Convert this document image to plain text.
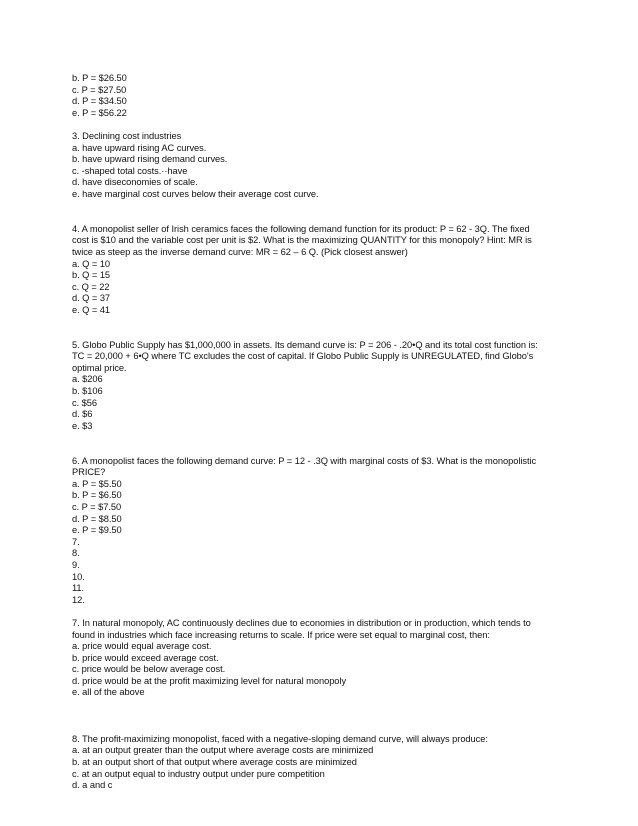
b. P = $26.50
c. P = $27.50
d. P = $34.50
e. P = $56.22
3. Declining cost industries
a. have upward rising AC curves.
b. have upward rising demand curves.
c. -shaped total costs.··have
d. have diseconomies of scale.
e. have marginal cost curves below their average cost curve.
4. A monopolist seller of Irish ceramics faces the following demand function for its product: P = 62 - 3Q. The fixed
cost is $10 and the variable cost per unit is $2. What is the maximizing QUANTITY for this monopoly? Hint: MR is
twice as steep as the inverse demand curve: MR = 62 – 6 Q. (Pick closest answer)
a. Q = 10
b. Q = 15
c. Q = 22
d. Q = 37
e. Q = 41
5. Globo Public Supply has $1,000,000 in assets. Its demand curve is: P = 206 - .20•Q and its total cost function is:
TC = 20,000 + 6•Q where TC excludes the cost of capital. If Globo Public Supply is UNREGULATED, find Globo's
optimal price.
a. $206
b. $106
c. $56
d. $6
e. $3
6. A monopolist faces the following demand curve: P = 12 - .3Q with marginal costs of $3. What is the monopolistic
PRICE?
a. P = $5.50
b. P = $6.50
c. P = $7.50
d. P = $8.50
e. P = $9.50
7.
8.
9.
10.
11.
12.
7. In natural monopoly, AC continuously declines due to economies in distribution or in production, which tends to
found in industries which face increasing returns to scale. If price were set equal to marginal cost, then:
a. price would equal average cost.
b. price would exceed average cost.
c. price would be below average cost.
d. price would be at the profit maximizing level for natural monopoly
e. all of the above
8. The profit-maximizing monopolist, faced with a negative-sloping demand curve, will always produce:
a. at an output greater than the output where average costs are minimized
b. at an output short of that output where average costs are minimized
c. at an output equal to industry output under pure competition
d. a and c
